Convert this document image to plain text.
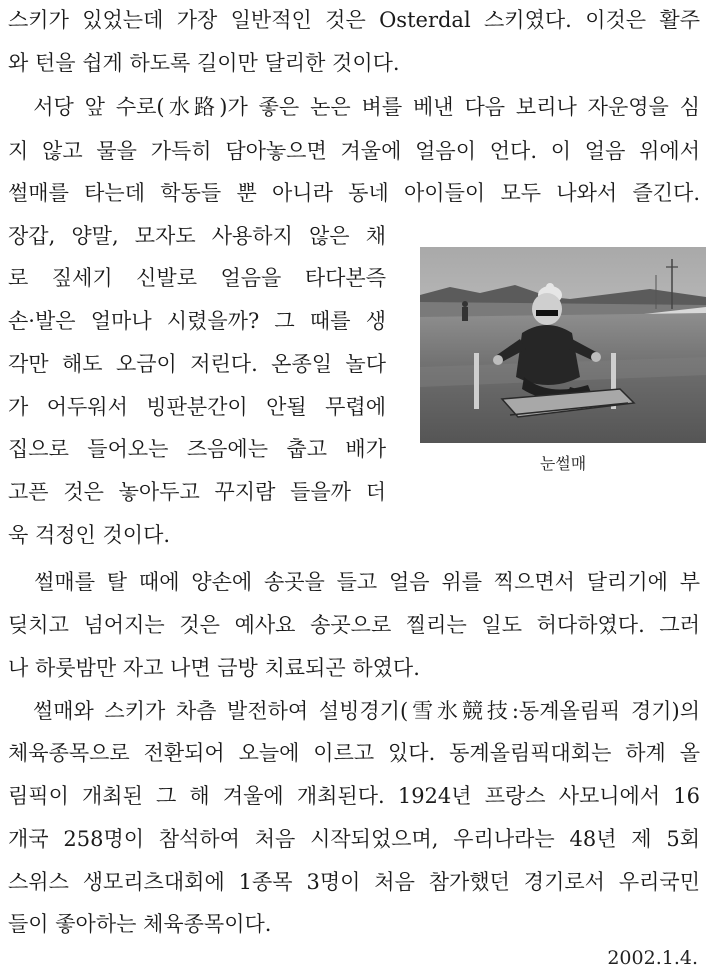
스키가 있었는데 가장 일반적인 것은 Osterdal 스키였다. 이것은 활주
와 턴을 쉽게 하도록 길이만 달리한 것이다.
　서당 앞 수로(水路)가 좋은 논은 벼를 베낸 다음 보리나 자운영을 심
지 않고 물을 가득히 담아놓으면 겨울에 얼음이 언다. 이 얼음 위에서
썰매를 타는데 학동들 뿐 아니라 동네 아이들이 모두 나와서 즐긴다.
장갑, 양말, 모자도 사용하지 않은 채
로 짚세기 신발로 얼음을 타다본즉
손·발은 얼마나 시렸을까? 그 때를 생
각만 해도 오금이 저린다. 온종일 놀다
가 어두워서 빙판분간이 안될 무렵에
집으로 들어오는 즈음에는 춥고 배가
고픈 것은 놓아두고 꾸지람 들을까 더
욱 걱정인 것이다.
눈썰매
　썰매를 탈 때에 양손에 송곳을 들고 얼음 위를 찍으면서 달리기에 부
딪치고 넘어지는 것은 예사요 송곳으로 찔리는 일도 허다하였다. 그러
나 하룻밤만 자고 나면 금방 치료되곤 하였다.
　썰매와 스키가 차츰 발전하여 설빙경기(雪氷競技:동계올림픽 경기)의
체육종목으로 전환되어 오늘에 이르고 있다. 동계올림픽대회는 하계 올
림픽이 개최된 그 해 겨울에 개최된다. 1924년 프랑스 사모니에서 16
개국 258명이 참석하여 처음 시작되었으며, 우리나라는 48년 제 5회
스위스 생모리츠대회에 1종목 3명이 처음 참가했던 경기로서 우리국민
들이 좋아하는 체육종목이다.
2002.1.4.
